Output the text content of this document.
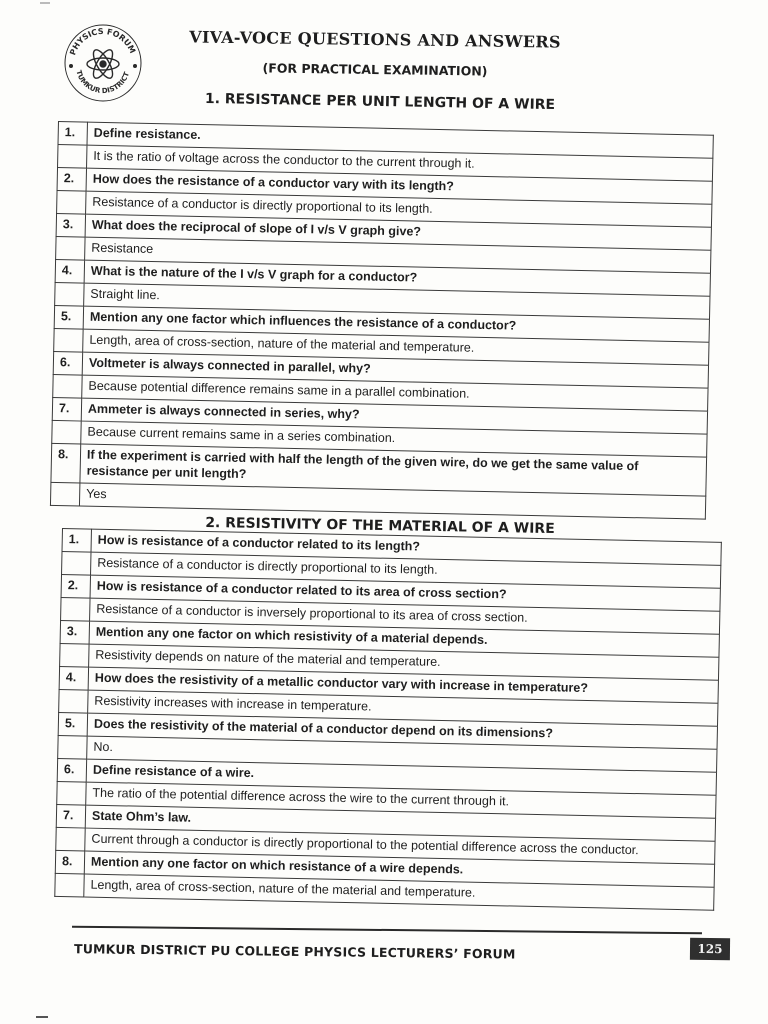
PHYSICS FORUM
TUMKUR DISTRICT
VIVA-VOCE QUESTIONS AND ANSWERS
(FOR PRACTICAL EXAMINATION)
1. RESISTANCE PER UNIT LENGTH OF A WIRE
1.	Define resistance.
	It is the ratio of voltage across the conductor to the current through it.
2.	How does the resistance of a conductor vary with its length?
	Resistance of a conductor is directly proportional to its length.
3.	What does the reciprocal of slope of I v/s V graph give?
	Resistance
4.	What is the nature of the I v/s V graph for a conductor?
	Straight line.
5.	Mention any one factor which influences the resistance of a conductor?
	Length, area of cross-section, nature of the material and temperature.
6.	Voltmeter is always connected in parallel, why?
	Because potential difference remains same in a parallel combination.
7.	Ammeter is always connected in series, why?
	Because current remains same in a series combination.
8.	If the experiment is carried with half the length of the given wire, do we get the same value of resistance per unit length?
	Yes
2. RESISTIVITY OF THE MATERIAL OF A WIRE
1.	How is resistance of a conductor related to its length?
	Resistance of a conductor is directly proportional to its length.
2.	How is resistance of a conductor related to its area of cross section?
	Resistance of a conductor is inversely proportional to its area of cross section.
3.	Mention any one factor on which resistivity of a material depends.
	Resistivity depends on nature of the material and temperature.
4.	How does the resistivity of a metallic conductor vary with increase in temperature?
	Resistivity increases with increase in temperature.
5.	Does the resistivity of the material of a conductor depend on its dimensions?
	No.
6.	Define resistance of a wire.
	The ratio of the potential difference across the wire to the current through it.
7.	State Ohm’s law.
	Current through a conductor is directly proportional to the potential difference across the conductor.
8.	Mention any one factor on which resistance of a wire depends.
	Length, area of cross-section, nature of the material and temperature.
TUMKUR DISTRICT PU COLLEGE PHYSICS LECTURERS’ FORUM	125
